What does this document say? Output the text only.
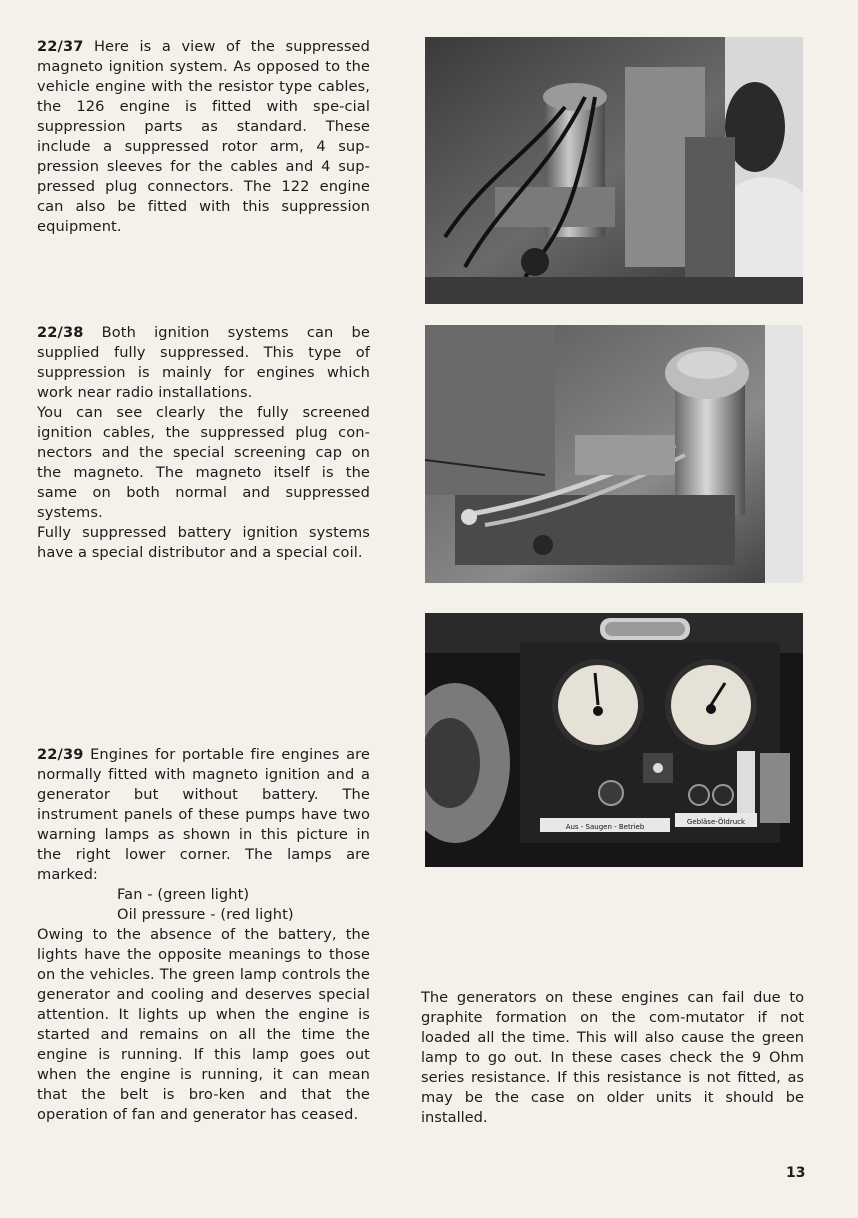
22/37 Here is a view of the suppressed magneto ignition system. As opposed to the vehicle engine with the resistor type cables, the 126 engine is fitted with spe-cial suppression parts as standard. These include a suppressed rotor arm, 4 sup-pression sleeves for the cables and 4 sup-pressed plug connectors. The 122 engine can also be fitted with this suppression equipment.

22/38 Both ignition systems can be supplied fully suppressed. This type of suppression is mainly for engines which work near radio installations.

You can see clearly the fully screened ignition cables, the suppressed plug con-nectors and the special screening cap on the magneto. The magneto itself is the same on both normal and suppressed systems.

Fully suppressed battery ignition systems have a special distributor and a special coil.

22/39 Engines for portable fire engines are normally fitted with magneto ignition and a generator but without battery. The instrument panels of these pumps have two warning lamps as shown in this picture in the right lower corner. The lamps are marked:

Fan - (green light)

Oil pressure - (red light)

Owing to the absence of the battery, the lights have the opposite meanings to those on the vehicles. The green lamp controls the generator and cooling and deserves special attention. It lights up when the engine is started and remains on all the time the engine is running. If this lamp goes out when the engine is running, it can mean that the belt is bro-ken and that the operation of fan and generator has ceased.

Aus - Saugen - Betrieb
Gebläse-Öldruck

The generators on these engines can fail due to graphite formation on the com-mutator if not loaded all the time. This will also cause the green lamp to go out. In these cases check the 9 Ohm series resistance. If this resistance is not fitted, as may be the case on older units it should be installed.

13
